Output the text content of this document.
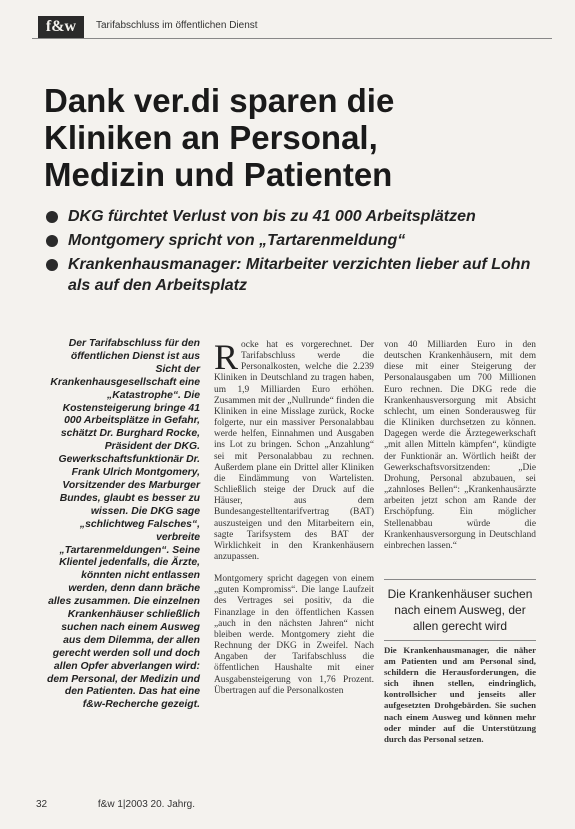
f&w	Tarifabschluss im öffentlichen Dienst
Dank ver.di sparen die
Kliniken an Personal,
Medizin und Patienten
DKG fürchtet Verlust von bis zu 41 000 Arbeitsplätzen
Montgomery spricht von „Tartarenmeldung“
Krankenhausmanager: Mitarbeiter verzichten lieber auf Lohn als auf den Arbeitsplatz

Der Tarifabschluss für den öffentlichen Dienst ist aus Sicht der Krankenhausgesellschaft eine „Katastrophe“. Die Kostensteigerung bringe 41 000 Arbeitsplätze in Gefahr, schätzt Dr. Burghard Rocke, Präsident der DKG. Gewerkschaftsfunktionär Dr. Frank Ulrich Montgomery, Vorsitzender des Marburger Bundes, glaubt es besser zu wissen. Die DKG sage „schlichtweg Falsches“, verbreite „Tartarenmeldungen“. Seine Klientel jedenfalls, die Ärzte, könnten nicht entlassen werden, denn dann bräche alles zusammen. Die einzelnen Krankenhäuser schließlich suchen nach einem Ausweg aus dem Dilemma, der allen gerecht werden soll und doch allen Opfer abverlangen wird: dem Personal, der Medizin und den Patienten. Das hat eine f&w-Recherche gezeigt.

Rocke hat es vorgerechnet. Der Tarifabschluss werde die Personalkosten, welche die 2.239 Kliniken in Deutschland zu tragen haben, um 1,9 Milliarden Euro erhöhen. Zusammen mit der „Nullrunde“ finden die Kliniken in eine Misslage zurück, Rocke folgerte, nur ein massiver Personalabbau werde helfen, Einnahmen und Ausgaben ins Lot zu bringen. Schon „Anzahlung“ sei mit Personalabbau zu rechnen. Außerdem plane ein Drittel aller Kliniken die Eindämmung von Wartelisten. Schließlich steige der Druck auf die Häuser, aus dem Bundesangestelltentarifvertrag (BAT) auszusteigen und den Mitarbeitern ein, sagte Tarifsystem des BAT der Wirklichkeit in den Krankenhäusern anzupassen.

Montgomery spricht dagegen von einem „guten Kompromiss“. Die lange Laufzeit des Vertrages sei positiv, da die Finanzlage in den öffentlichen Kassen „auch in den nächsten Jahren“ nicht bleiben werde. Montgomery zieht die Rechnung der DKG in Zweifel. Nach Angaben der Tarifabschluss die öffentlichen Haushalte mit einer Ausgabensteigerung von 1,76 Prozent. Übertragen auf die Personalkosten

von 40 Milliarden Euro in den deutschen Krankenhäusern, mit dem diese mit einer Steigerung der Personalausgaben um 700 Millionen Euro rechnen. Die DKG rede die Krankenhausversorgung mit Absicht schlecht, um einen Sonderausweg für die Kliniken durchsetzen zu können. Dagegen werde die Ärztegewerkschaft „mit allen Mitteln kämpfen“, kündigte der Funktionär an. Wörtlich heißt der Gewerkschaftsvorsitzenden: „Die Drohung, Personal abzubauen, sei „zahnloses Bellen“: „Krankenhausärzte arbeiten jetzt schon am Rande der Erschöpfung. Ein möglicher Stellenabbau würde die Krankenhausversorgung in Deutschland einbrechen lassen.“

Die Krankenhäuser suchen nach einem Ausweg, der allen gerecht wird

Die Krankenhausmanager, die näher am Patienten und am Personal sind, schildern die Herausforderungen, die sich ihnen stellen, eindringlich, kontrollsicher und jenseits aller aufgesetzten Drohgebärden. Sie suchen nach einem Ausweg und können mehr oder minder auf die Unterstützung durch das Personal setzen.

32	f&w 1|2003 20. Jahrg.
